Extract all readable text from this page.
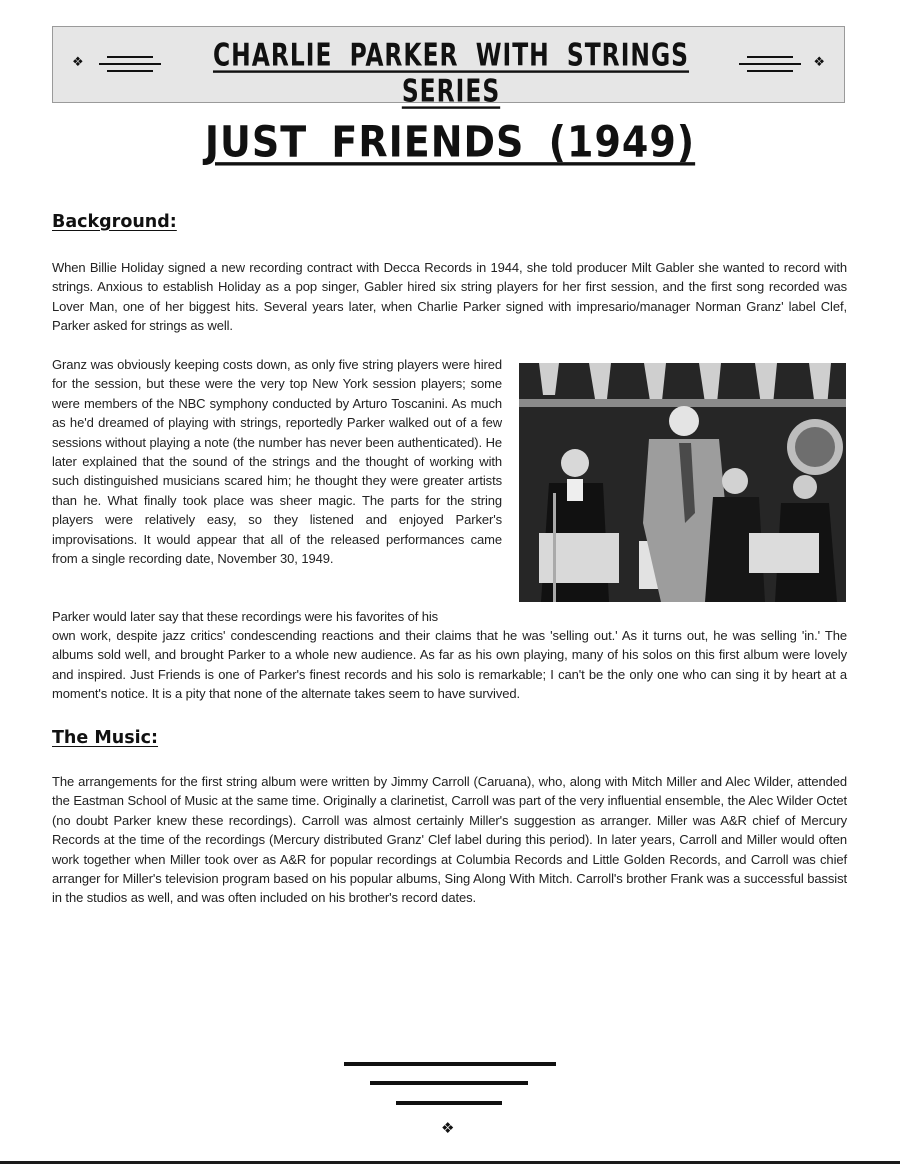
❖	CHARLIE PARKER WITH STRINGS SERIES
❖
JUST FRIENDS (1949)
Background:

When Billie Holiday signed a new recording contract with Decca Records in 1944, she told producer Milt Gabler she wanted to record with strings. Anxious to establish Holiday as a pop singer, Gabler hired six string players for her first session, and the first song recorded was Lover Man, one of her biggest hits. Several years later, when Charlie Parker signed with impresario/manager Norman Granz' label Clef, Parker asked for strings as well.

Granz was obviously keeping costs down, as only five string players were hired for the session, but these were the very top New York session players; some were members of the NBC symphony conducted by Arturo Toscanini. As much as he'd dreamed of playing with strings, reportedly Parker walked out of a few sessions without playing a note (the number has never been authenticated). He later explained that the sound of the strings and the thought of working with such distinguished musicians scared him; he thought they were greater artists than he. What finally took place was sheer magic. The parts for the string players were relatively easy, so they listened and enjoyed Parker's improvisations. It would appear that all of the released performances came from a single recording date, November 30, 1949.

Parker would later say that these recordings were his favorites of his

own work, despite jazz critics' condescending reactions and their claims that he was 'selling out.' As it turns out, he was selling 'in.' The albums sold well, and brought Parker to a whole new audience. As far as his own playing, many of his solos on this first album were lovely and inspired. Just Friends is one of Parker's finest records and his solo is remarkable; I can't be the only one who can sing it by heart at a moment's notice. It is a pity that none of the alternate takes seem to have survived.

The Music:

The arrangements for the first string album were written by Jimmy Carroll (Caruana), who, along with Mitch Miller and Alec Wilder, attended the Eastman School of Music at the same time. Originally a clarinetist, Carroll was part of the very influential ensemble, the Alec Wilder Octet (no doubt Parker knew these recordings). Carroll was almost certainly Miller's suggestion as arranger. Miller was A&R chief of Mercury Records at the time of the recordings (Mercury distributed Granz' Clef label during this period). In later years, Carroll and Miller would often work together when Miller took over as A&R for popular recordings at Columbia Records and Little Golden Records, and Carroll was chief arranger for Miller's television program based on his popular albums, Sing Along With Mitch. Carroll's brother Frank was a successful bassist in the studios as well, and was often included on his brother's record dates.

❖
